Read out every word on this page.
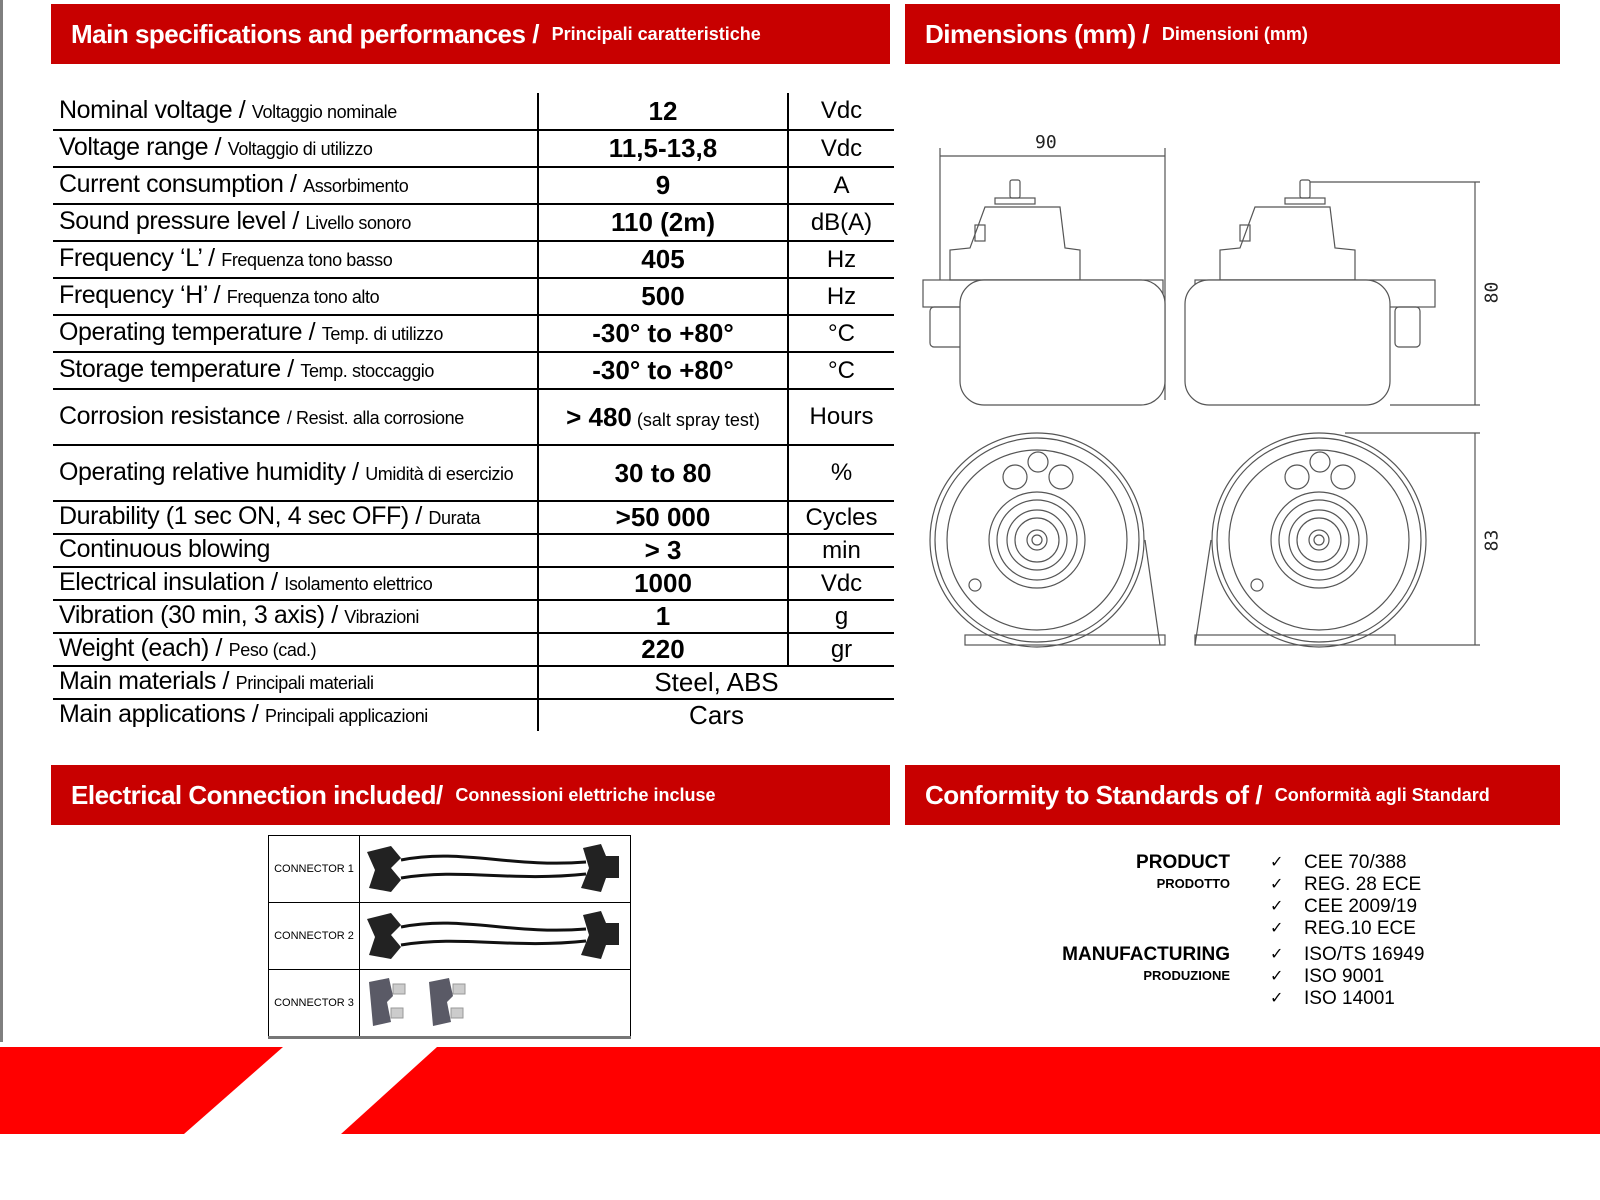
Main specifications and performances / Principali caratteristiche	Dimensions (mm) / Dimensioni (mm)
Electrical Connection included/ Connessioni elettriche incluse	Conformity to Standards of / Conformità agli Standard
Nominal voltage / Voltaggio nominale	12	Vdc
Voltage range / Voltaggio di utilizzo	11,5-13,8	Vdc
Current consumption / Assorbimento	9	A
Sound pressure level / Livello sonoro	110 (2m)	dB(A)
Frequency ‘L’ / Frequenza tono basso	405	Hz
Frequency ‘H’ / Frequenza tono alto	500	Hz
Operating temperature / Temp. di utilizzo	-30° to +80°	°C
Storage temperature / Temp. stoccaggio	-30° to +80°	°C
Corrosion resistance / Resist. alla corrosione	> 480 (salt spray test)	Hours
Operating relative humidity / Umidità di esercizio	30 to 80	%
Durability (1 sec ON, 4 sec OFF) / Durata	>50 000	Cycles
Continuous blowing	> 3	min
Electrical insulation / Isolamento elettrico	1000	Vdc
Vibration (30 min, 3 axis) / Vibrazioni	1	g
Weight (each) / Peso (cad.)	220	gr
Main materials / Principali materiali	Steel, ABS	
Main applications / Principali applicazioni	Cars	
90
80
83
CONNECTOR 1	
CONNECTOR 2	
CONNECTOR 3	
PRODUCT
PRODOTTO
✓	CEE 70/388
✓	REG. 28 ECE
✓	CEE 2009/19
✓	REG.10 ECE
MANUFACTURING
PRODUZIONE
✓	ISO/TS 16949
✓	ISO 9001
✓	ISO 14001
